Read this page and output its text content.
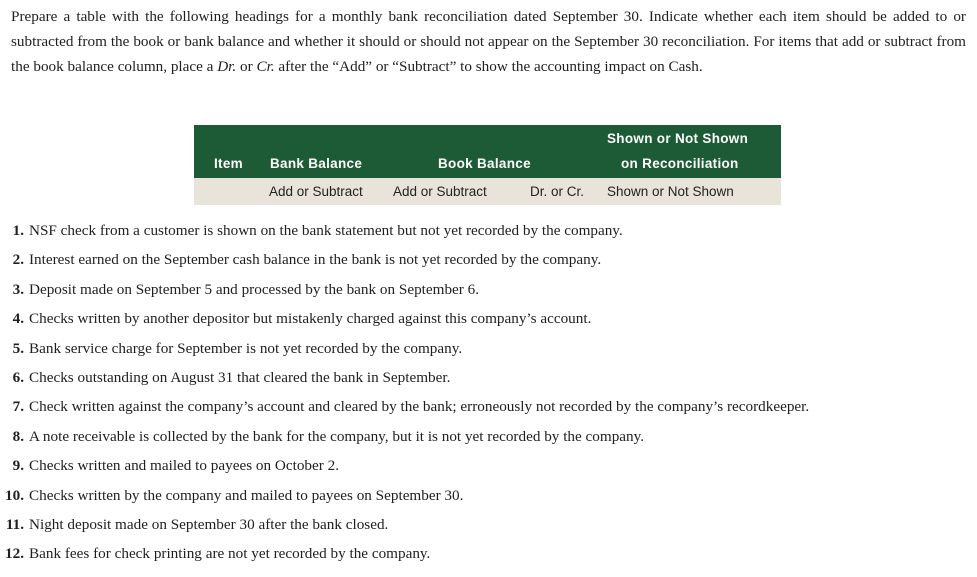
Prepare a table with the following headings for a monthly bank reconciliation dated September 30. Indicate whether each item should be added to or subtracted from the book or bank balance and whether it should or should not appear on the September 30 reconciliation. For items that add or subtract from the book balance column, place a Dr. or Cr. after the “Add” or “Subtract” to show the accounting impact on Cash.

Item Bank Balance	Book Balance
Shown or Not Shown
on Reconciliation
Add or Subtract Add or Subtract	Dr. or Cr. Shown or Not Shown
1. NSF check from a customer is shown on the bank statement but not yet recorded by the company.
2. Interest earned on the September cash balance in the bank is not yet recorded by the company.
3. Deposit made on September 5 and processed by the bank on September 6.
4. Checks written by another depositor but mistakenly charged against this company’s account.
5. Bank service charge for September is not yet recorded by the company.
6. Checks outstanding on August 31 that cleared the bank in September.
7. Check written against the company’s account and cleared by the bank; erroneously not recorded by the company’s recordkeeper.
8. A note receivable is collected by the bank for the company, but it is not yet recorded by the company.
9. Checks written and mailed to payees on October 2.
10. Checks written by the company and mailed to payees on September 30.
11. Night deposit made on September 30 after the bank closed.
12. Bank fees for check printing are not yet recorded by the company.
